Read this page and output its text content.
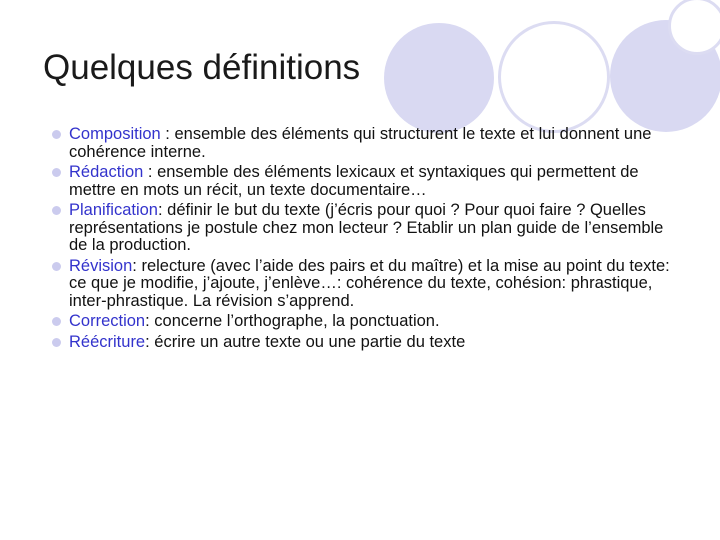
Quelques définitions
Composition : ensemble des éléments qui structurent le texte et lui donnent une cohérence interne.
Rédaction : ensemble des éléments lexicaux et syntaxiques qui permettent de mettre en mots un récit, un texte documentaire…
Planification: définir le but du texte (j’écris pour quoi ? Pour quoi faire ? Quelles représentations je postule chez mon lecteur ? Etablir un plan guide de l’ensemble de la production.
Révision: relecture (avec l’aide des pairs et du maître) et la mise au point du texte: ce que je modifie, j’ajoute, j’enlève…: cohérence du texte, cohésion: phrastique, inter-phrastique. La révision s’apprend.
Correction: concerne l’orthographe, la ponctuation.
Réécriture: écrire un autre texte ou une partie du texte
